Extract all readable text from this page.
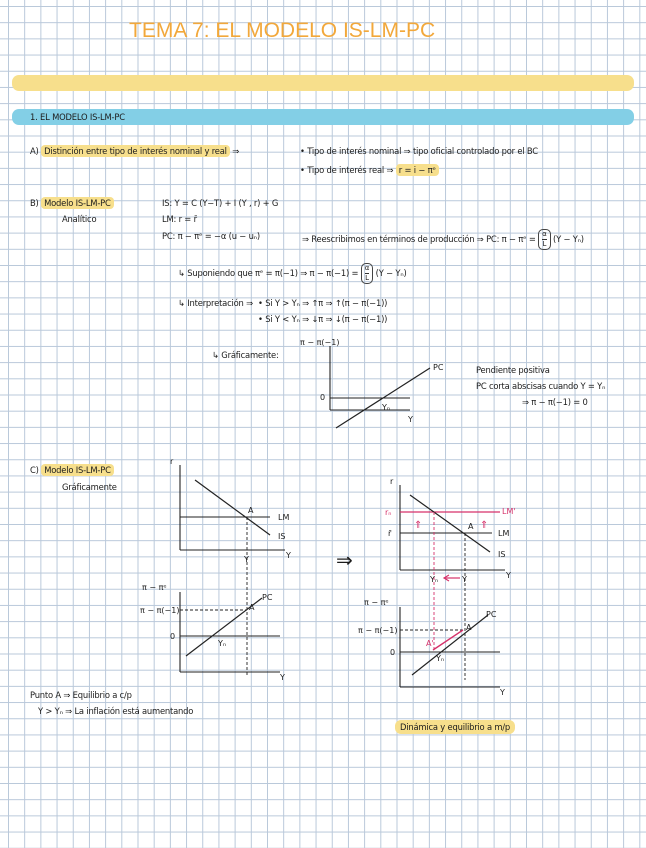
TEMA 7: EL MODELO IS-LM-PC
1. EL MODELO IS-LM-PC
A) Distinción entre tipo de interés nominal y real ⇒	• Tipo de interés nominal ⇒ tipo oficial controlado por el BC
• Tipo de interés real ⇒ r = i − πᵉ
B) Modelo IS-LM-PC
Analítico
IS: Y = C (Y−T) + I (Y , r) + G
LM: r = r̄
PC: π − πᵉ = −α (u − uₙ)	⇒ Reescribimos en términos de producción ⇒ PC: π − πᵉ = $\frac{\alpha}{L} (Y - Y_n)$
↳ Suponiendo que πᵉ = π(−1) ⇒ $\pi - \pi(-1) = \frac{\alpha}{L} (Y - Y_n)$
↳ Interpretación ⇒ • Si Y > Yₙ ⇒ ↑π ⇒ ↑(π − π(−1))
• Si Y < Yₙ ⇒ ↓π ⇒ ↓(π − π(−1))
↳ Gráficamente:
π − π(−1)
0
PC
Yₙ
Y
Pendiente positiva
PC corta abscisas cuando Y = Yₙ
⇒ π − π(−1) = 0
C) Modelo IS-LM-PC
Gráficamente
r
A
LM
IS
Y	Y
π − πᵉ
π − π(−1)
0
A
PC
Yₙ
Y
⇒
r
rₙ
r̄
LM'
LM
IS
A
⇑	⇑
Yₙ	Y	Y
π − πᵉ
π − π(−1)
0
A
A'
PC
Yₙ
Y
Punto A ⇒ Equilibrio a c/p
Y > Yₙ ⇒ La inflación está aumentando
Dinámica y equilibrio a m/p
